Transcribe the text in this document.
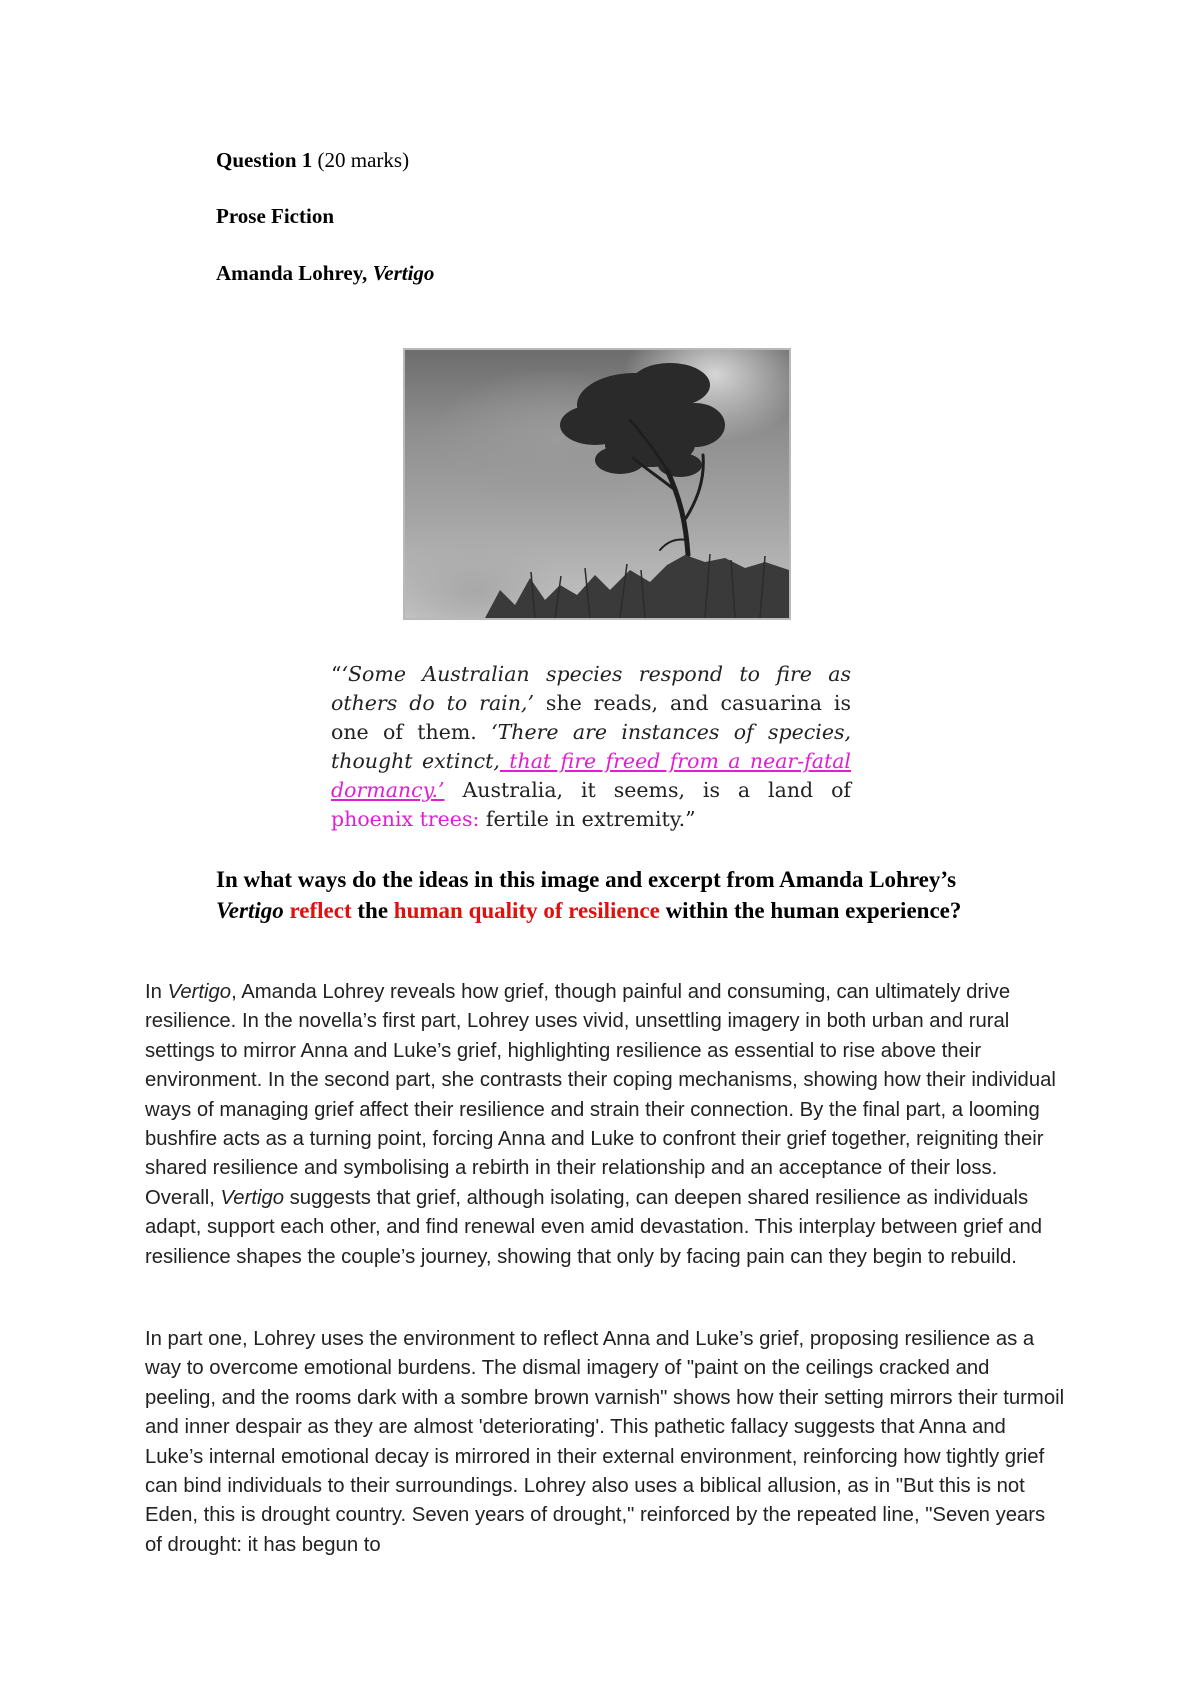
Question 1 (20 marks)
Prose Fiction
Amanda Lohrey, Vertigo

“‘Some Australian species respond to fire as others do to rain,’ she reads, and casuarina is one of them. ‘There are instances of species, thought extinct, that fire freed from a near-fatal dormancy.’ Australia, it seems, is a land of phoenix trees: fertile in extremity.”

In what ways do the ideas in this image and excerpt from Amanda Lohrey’s Vertigo reflect the human quality of resilience within the human experience?

In Vertigo, Amanda Lohrey reveals how grief, though painful and consuming, can ultimately drive resilience. In the novella’s first part, Lohrey uses vivid, unsettling imagery in both urban and rural settings to mirror Anna and Luke’s grief, highlighting resilience as essential to rise above their environment. In the second part, she contrasts their coping mechanisms, showing how their individual ways of managing grief affect their resilience and strain their connection. By the final part, a looming bushfire acts as a turning point, forcing Anna and Luke to confront their grief together, reigniting their shared resilience and symbolising a rebirth in their relationship and an acceptance of their loss. Overall, Vertigo suggests that grief, although isolating, can deepen shared resilience as individuals adapt, support each other, and find renewal even amid devastation. This interplay between grief and resilience shapes the couple’s journey, showing that only by facing pain can they begin to rebuild.

In part one, Lohrey uses the environment to reflect Anna and Luke’s grief, proposing resilience as a way to overcome emotional burdens. The dismal imagery of "paint on the ceilings cracked and peeling, and the rooms dark with a sombre brown varnish" shows how their setting mirrors their turmoil and inner despair as they are almost 'deteriorating'. This pathetic fallacy suggests that Anna and Luke’s internal emotional decay is mirrored in their external environment, reinforcing how tightly grief can bind individuals to their surroundings. Lohrey also uses a biblical allusion, as in "But this is not Eden, this is drought country. Seven years of drought," reinforced by the repeated line, "Seven years of drought: it has begun to
